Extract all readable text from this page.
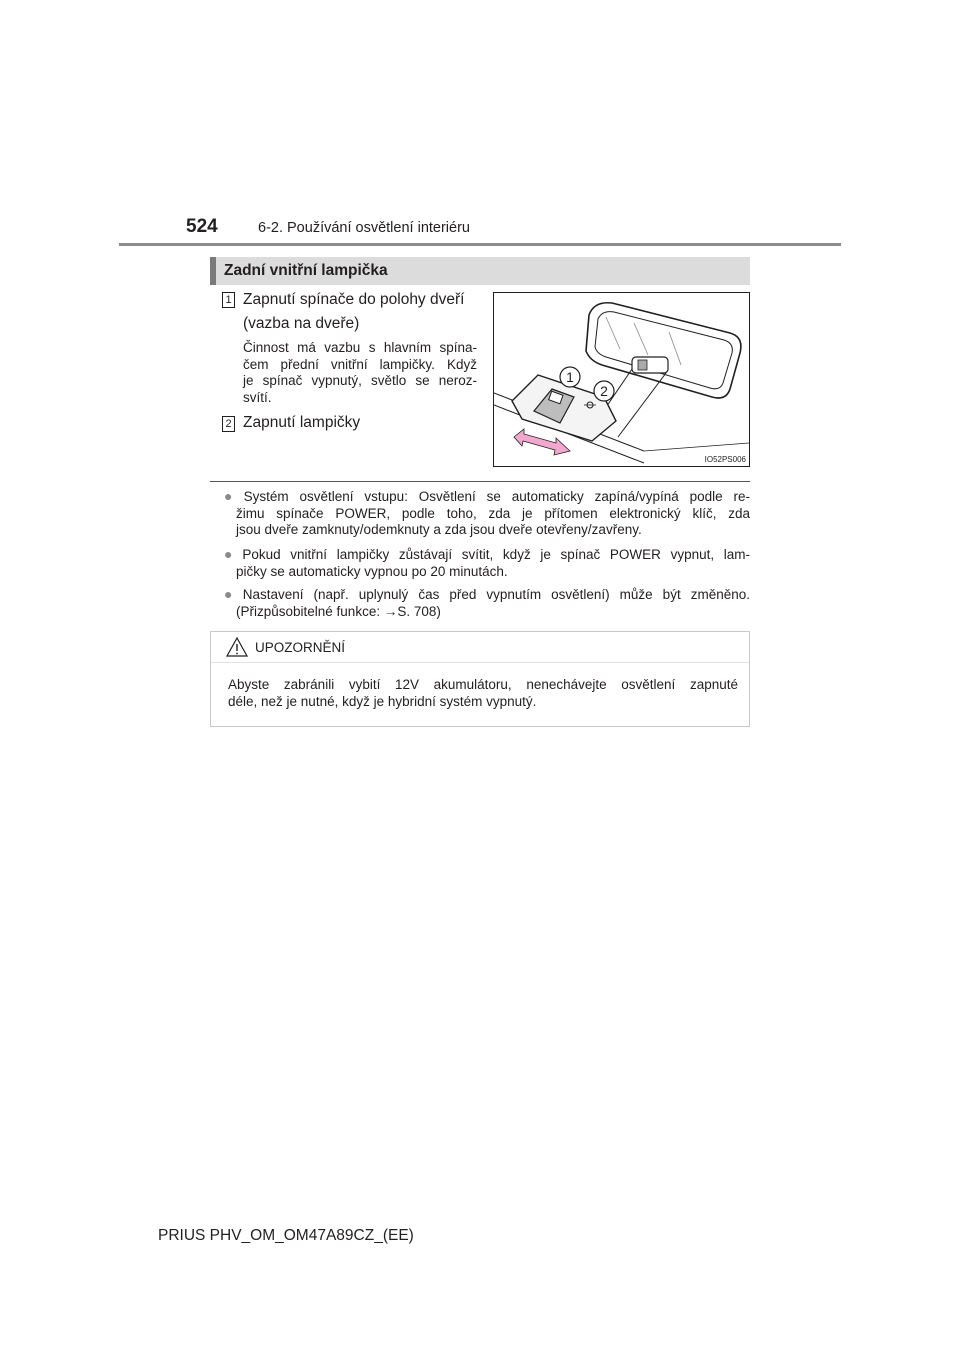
524	6-2. Používání osvětlení interiéru
Zadní vnitřní lampička
1 Zapnutí spínače do polohy dveří
(vazba na dveře)
Činnost má vazbu s hlavním spína-
čem přední vnitřní lampičky. Když
je spínač vypnutý, světlo se neroz-
svítí.
2 Zapnutí lampičky
1
2
IO52PS006
● Systém osvětlení vstupu: Osvětlení se automaticky zapíná/vypíná podle re-
žimu spínače POWER, podle toho, zda je přítomen elektronický klíč, zda
jsou dveře zamknuty/odemknuty a zda jsou dveře otevřeny/zavřeny.
● Pokud vnitřní lampičky zůstávají svítit, když je spínač POWER vypnut, lam-
pičky se automaticky vypnou po 20 minutách.
● Nastavení (např. uplynulý čas před vypnutím osvětlení) může být změněno.
(Přizpůsobitelné funkce: →S. 708)
UPOZORNĚNÍ
Abyste zabránili vybití 12V akumulátoru, nenechávejte osvětlení zapnuté
déle, než je nutné, když je hybridní systém vypnutý.
PRIUS PHV_OM_OM47A89CZ_(EE)
